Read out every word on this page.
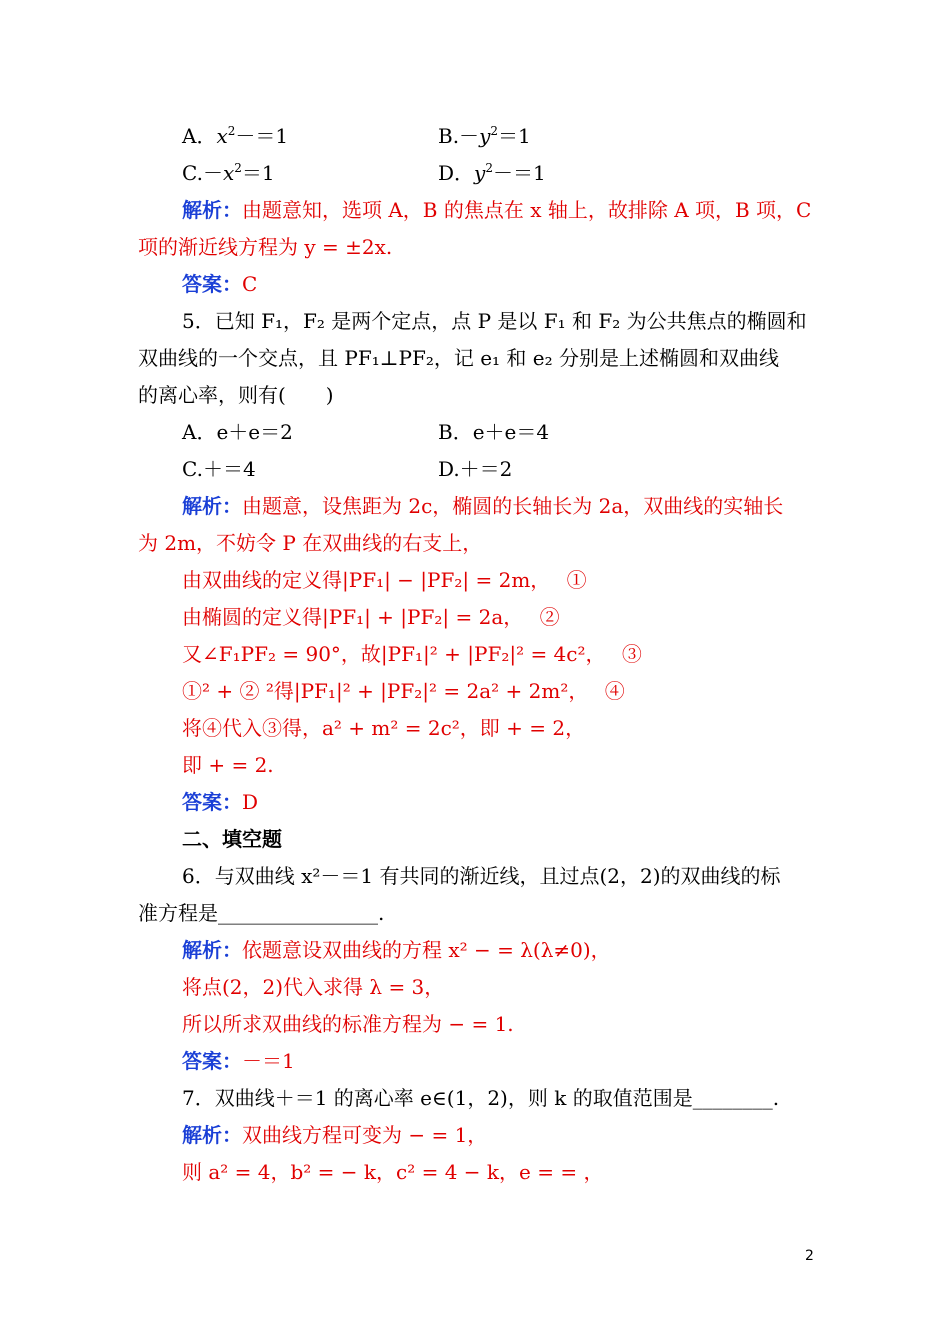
A．$x^2-=1$	$B.-y^2=1$
$C.-x^2=1$	D．$y^2-=1$
解析：由题意知，选项 A，B 的焦点在 x 轴上，故排除 A 项，B 项，C
项的渐近线方程为 y = ±2x.
答案：C
5．已知 F₁，F₂ 是两个定点，点 P 是以 F₁ 和 F₂ 为公共焦点的椭圆和
双曲线的一个交点，且 PF₁⊥PF₂，记 e₁ 和 e₂ 分别是上述椭圆和双曲线
的离心率，则有(　　)
A．e＋e＝2	B．e＋e＝4
C.＋＝4	D.＋＝2
解析：由题意，设焦距为 2c，椭圆的长轴长为 2a，双曲线的实轴长
为 2m，不妨令 P 在双曲线的右支上，
由双曲线的定义得|PF₁| − |PF₂| = 2m，　 ①
由椭圆的定义得|PF₁| + |PF₂| = 2a，　 ②
又∠F₁PF₂ = 90°，故|PF₁|² + |PF₂|² = 4c²，　 ③
①² + ② ²得|PF₁|² + |PF₂|² = 2a² + 2m²，　 ④
将④代入③得，a² + m² = 2c²，即 + = 2，
即 + = 2.
答案：D
二、填空题
6．与双曲线 x²－＝1 有共同的渐近线，且过点(2，2)的双曲线的标
准方程是________________.
解析：依题意设双曲线的方程 x² − = λ(λ≠0)，
将点(2，2)代入求得 λ = 3，
所以所求双曲线的标准方程为 − = 1.
答案：－＝1
7．双曲线＋＝1 的离心率 e∈(1，2)，则 k 的取值范围是________.
解析：双曲线方程可变为 − = 1，
则 a² = 4，b² = − k，c² = 4 − k，e = = ，
2
